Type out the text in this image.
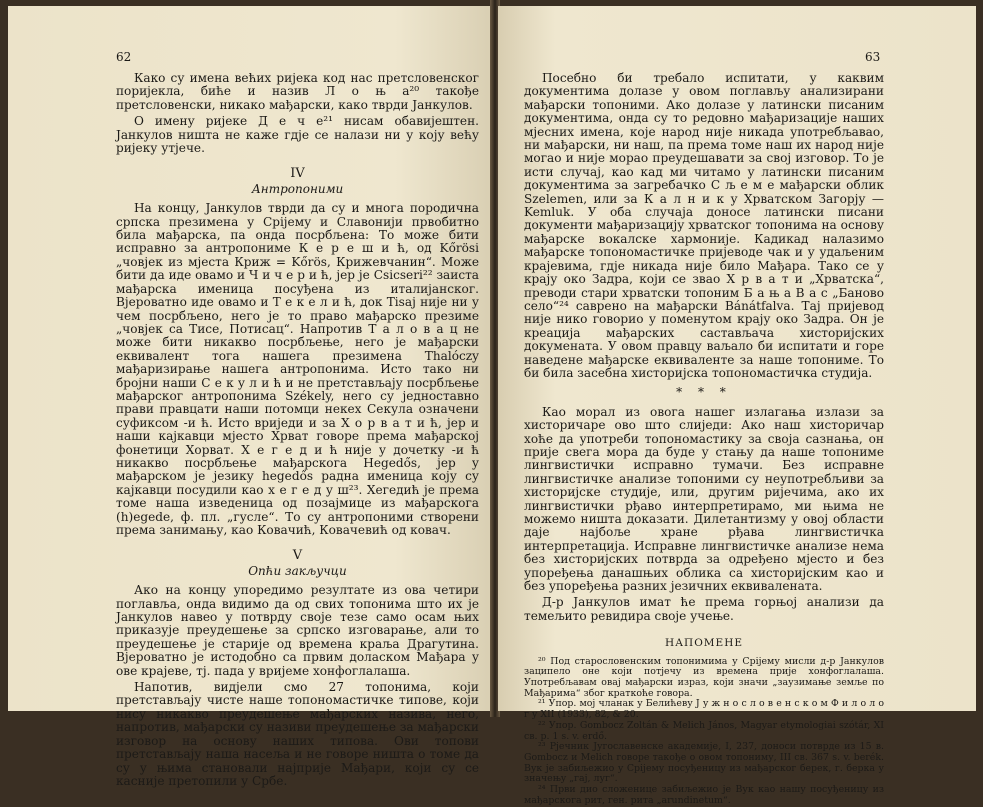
62

Како су имена већих ријека код нас претсловенског поријекла, биће и назив Л о њ а²⁰ такође претсловенски, никако мађарски, како тврди Јанкулов.

О имену ријеке Д е ч е²¹ нисам обавијештен. Јанкулов ништа не каже гдје се налази ни у коју већу ријеку утјече.

IV
Антропоними

На концу, Јанкулов тврди да су и многа породична српска презимена у Срijему и Славонији првобитно била мађарска, па онда посрбљена: То може бити исправно за антропониме К е р е ш и ћ, од Kőrösi „човјек из мјеста Криж = Kőrös, Крижевчанин“. Може бити да иде овамо и Ч и ч е р и ћ, јер је Csicseri²² заиста мађарска именица посуђена из италијанског. Вјероватно иде овамо и Т е к е л и ћ, док Tisaj није ни у чем посрбљено, него је то право мађарско презиме „човјек са Тисе, Потисац“. Напротив Т а л о в а ц не може бити никакво посрбљење, него је мађарски еквивалент тога нашега презимена Thalóczy мађаризирање нашега антропонима. Исто тако ни бројни наши С е к у л и ћ и не претстављају посрбљење мађарског антропонима Székely, него су једноставно прави правцати наши потомци некех Секула означени суфиксом -и ћ. Исто вриједи и за Х о р в а т и ћ, јер и наши кајкавци мјесто Хрват говоре према мађарској фонетици Хорват. Х е г е д и ћ није у дочетку -и ћ никакво посрбљење мађарскога Hegedős, јер у мађарском је језику hegedős радна именица коју су кајкавци посудили као х е г е д у ш²³. Хегедић је према томе наша изведеница од позајмице из мађарскога (h)egede, ф. пл. „гусле“. То су антропоними створени према занимању, као Ковачић, Ковачевић од ковач.

V
Опћи закључци

Ако на концу упоредимо резултате из ова четири поглавља, онда видимо да од свих топонима што их је Јанкулов навео у потврду своје тезе само осам њих приказује преудешење за српско изговарање, али то преудешење је старије од времена краља Драгутина. Вјероватно је истодобно са првим доласком Мађара у ове крајеве, тј. пада у вријеме хонфоглалаша.

Напотив, видјели смо 27 топонима, који претстављају чисте наше топономастичке типове, који нису никакво преудешење мађарских назива, него, напротив, мађарски су називи преудешење за мађарски изговор на основу наших типова. Ови топови претстављају наша насеља и не говоре ништа о томе да су у њима становали најприје Мађари, који су се касније претопили у Србе.

63

Посебно би требало испитати, у каквим документима долазе у овом поглављу анализирани мађарски топоними. Ако долазе у латински писаним документима, онда су то редовно мађаризације наших мјесних имена, које народ није никада употребљавао, ни мађарски, ни наш, па према томе наш их народ није могао и није морао преудешавати за свој изговор. То је исти случај, као кад ми читамо у латински писаним документима за загребачко С љ е м е мађарски облик Szelemen, или за К а л н и к у Хрватском Загорју — Kemluk. У оба случаја доносе латински писани документи мађаризацију хрватског топонима на основу мађарске вокалске хармоније. Кадикад налазимо мађарске топономастичке пријеводе чак и у удаљеним крајевима, гдје никада није било Мађара. Тако се у крају око Задра, који се звао Х р в а т и „Хрватска“, преводи стари хрватски топоним Б а њ а В а с „Баново село“²⁴ саврeно на мађарски Bánátfalva. Тај пријевод није нико говорио у поменутом крају око Задра. Он је креација мађарских састављача хисторијских докумената. У овом правцу ваљало би испитати и горе наведене мађарске еквиваленте за наше топониме. То би била засебна хисторијска топономастичка студија.

* * *

Као морал из овога нашег излагања излази за хисторичаре ово што слиједи: Ако наш хисторичар хоће да употреби топономастику за своја сазнања, он прије свега мора да буде у стању да наше топониме лингвистички исправно тумачи. Без исправне лингвистичке анализе топоними су неупотребљиви за хисторијске студије, или, другим ријечима, ако их лингвистички рђаво интерпретирамо, ми њима не можемо ништа доказати. Дилетантизму у овој области даје најбоље хране рђава лингвистичка интерпретација. Исправне лингвистичке анализе нема без хисторијских потврда за одређено мјесто и без упоређења данашњих облика са хисторијским као и без упоређења разних језичних еквивалената.

Д-р Јанкулов имат ће према горњој анализи да темељито ревидира своје учење.

НАПОМЕНЕ

²⁰ Под старословенским топонимима у Срijему мисли д-р Јанкулов заципело оне који потјечу из времена прије хонфоглалаша. Употребљавам овај мађарски израз, који значи „заузимање земље по Мађарима“ због краткоће говора.

²¹ Упор. мој чланак у Белићеву Ј у ж н о с л о в е н с к о м Ф и л о л о г у XII (1933), 82, & 20.

²² Упор. Gombocz Zoltán & Melich János, Magyar etymologiai szótár, XI св. р. 1 s. v. erdő.

²³ Рјечник Југославенске академије, I, 237, доноси потврде из 15 в. Gombocz и Melich говоре такође о овом топониму, III св. 367 s. v. berék. Вук је забиљежио у Срijему посуђеницу из мађарског берек, г. берка у значењу „гај, луг“.

²⁴ Први дио сложенице забиљежио је Вук као нашу посуђеницу из мађарскога рит, ген. рита „arundinetum“.
